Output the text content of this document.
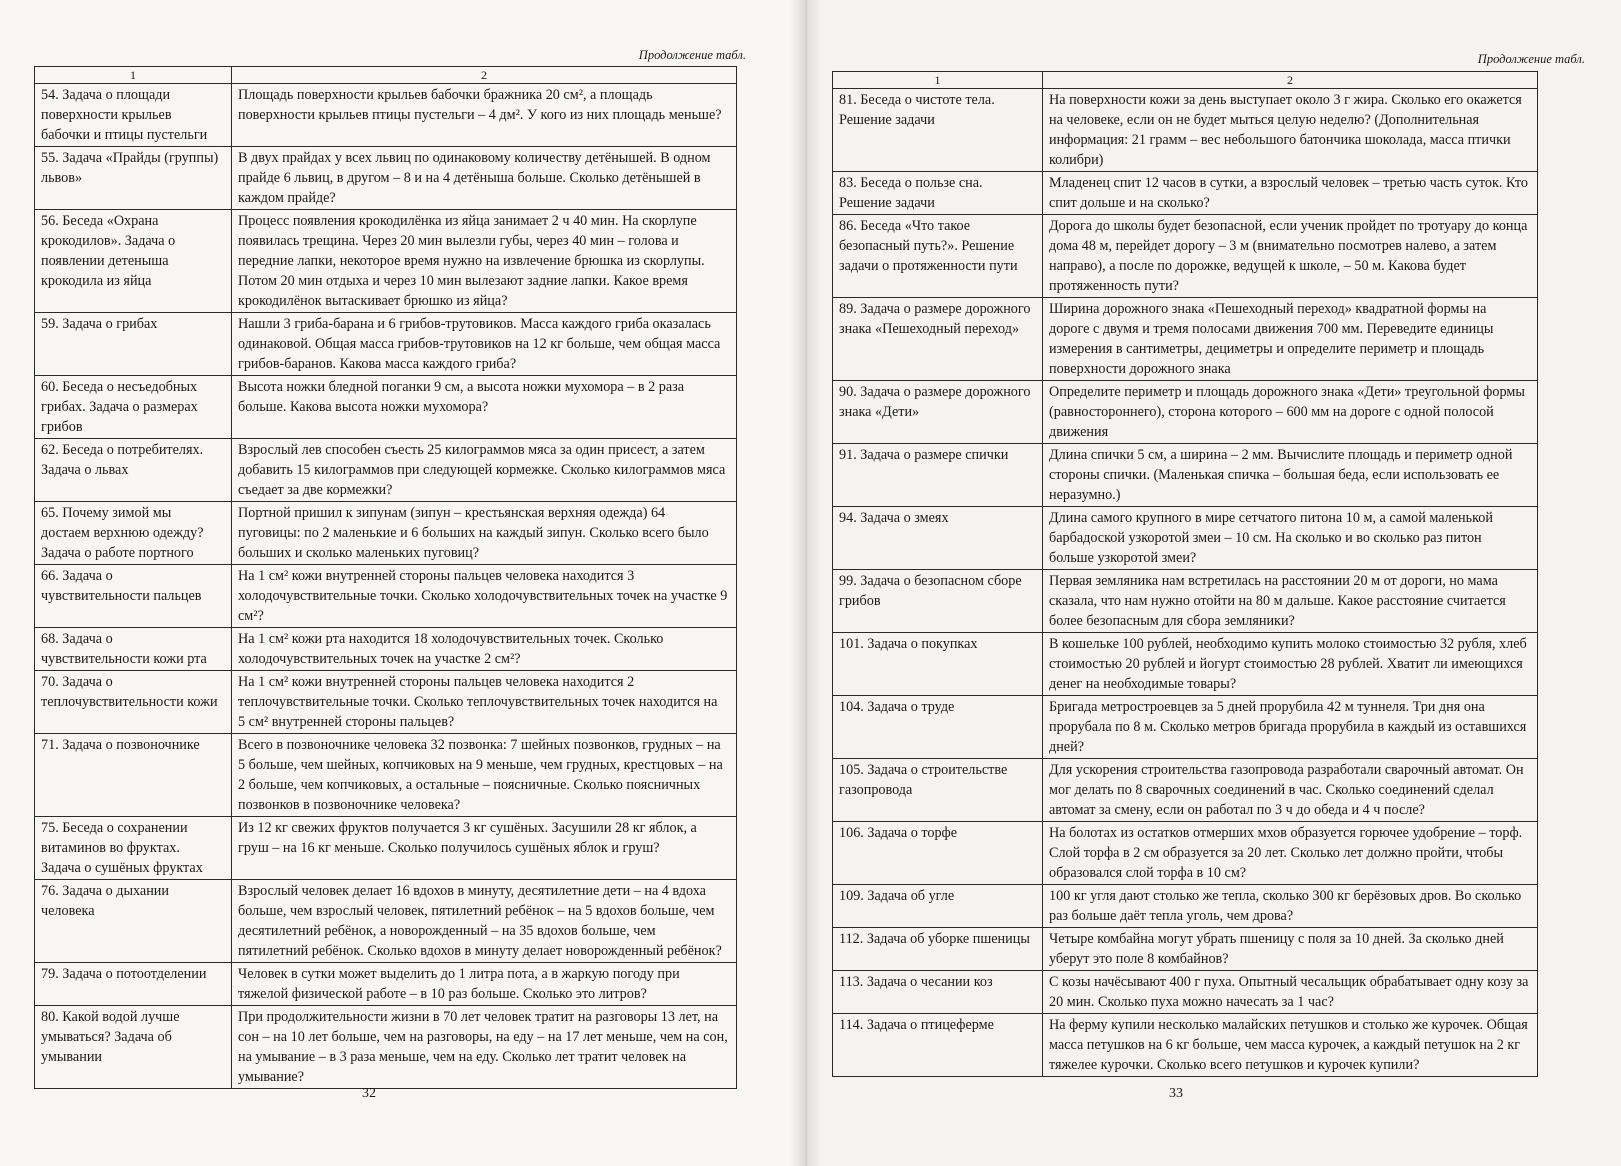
Продолжение табл.
1	2
54. Задача о площади поверхности крыльев бабочки и птицы пустельги	Площадь поверхности крыльев бабочки бражника 20 см², а площадь поверхности крыльев птицы пустельги – 4 дм². У кого из них площадь меньше?
55. Задача «Прайды (группы) львов»	В двух прайдах у всех львиц по одинаковому количеству детёнышей. В одном прайде 6 львиц, в другом – 8 и на 4 детёныша больше. Сколько детёнышей в каждом прайде?
56. Беседа «Охрана крокодилов». Задача о появлении детеныша крокодила из яйца	Процесс появления крокодилёнка из яйца занимает 2 ч 40 мин. На скорлупе появилась трещина. Через 20 мин вылезли губы, через 40 мин – голова и передние лапки, некоторое время нужно на извлечение брюшка из скорлупы. Потом 20 мин отдыха и через 10 мин вылезают задние лапки. Какое время крокодилёнок вытаскивает брюшко из яйца?
59. Задача о грибах	Нашли 3 гриба-барана и 6 грибов-трутовиков. Масса каждого гриба оказалась одинаковой. Общая масса грибов-трутовиков на 12 кг больше, чем общая масса грибов-баранов. Какова масса каждого гриба?
60. Беседа о несъедобных грибах. Задача о размерах грибов	Высота ножки бледной поганки 9 см, а высота ножки мухомора – в 2 раза больше. Какова высота ножки мухомора?
62. Беседа о потребителях. Задача о львах	Взрослый лев способен съесть 25 килограммов мяса за один присест, а затем добавить 15 килограммов при следующей кормежке. Сколько килограммов мяса съедает за две кормежки?
65. Почему зимой мы достаем верхнюю одежду? Задача о работе портного	Портной пришил к зипунам (зипун – крестьянская верхняя одежда) 64 пуговицы: по 2 маленькие и 6 больших на каждый зипун. Сколько всего было больших и сколько маленьких пуговиц?
66. Задача о чувствительности пальцев	На 1 см² кожи внутренней стороны пальцев человека находится 3 холодочувствительные точки. Сколько холодочувствительных точек на участке 9 см²?
68. Задача о чувствительности кожи рта	На 1 см² кожи рта находится 18 холодочувствительных точек. Сколько холодочувствительных точек на участке 2 см²?
70. Задача о теплочувствительности кожи	На 1 см² кожи внутренней стороны пальцев человека находится 2 теплочувствительные точки. Сколько теплочувствительных точек находится на 5 см² внутренней стороны пальцев?
71. Задача о позвоночнике	Всего в позвоночнике человека 32 позвонка: 7 шейных позвонков, грудных – на 5 больше, чем шейных, копчиковых на 9 меньше, чем грудных, крестцовых – на 2 больше, чем копчиковых, а остальные – поясничные. Сколько поясничных позвонков в позвоночнике человека?
75. Беседа о сохранении витаминов во фруктах. Задача о сушёных фруктах	Из 12 кг свежих фруктов получается 3 кг сушёных. Засушили 28 кг яблок, а груш – на 16 кг меньше. Сколько получилось сушёных яблок и груш?
76. Задача о дыхании человека	Взрослый человек делает 16 вдохов в минуту, десятилетние дети – на 4 вдоха больше, чем взрослый человек, пятилетний ребёнок – на 5 вдохов больше, чем десятилетний ребёнок, а новорожденный – на 35 вдохов больше, чем пятилетний ребёнок. Сколько вдохов в минуту делает новорожденный ребёнок?
79. Задача о потоотделении	Человек в сутки может выделить до 1 литра пота, а в жаркую погоду при тяжелой физической работе – в 10 раз больше. Сколько это литров?
80. Какой водой лучше умываться? Задача об умывании	При продолжительности жизни в 70 лет человек тратит на разговоры 13 лет, на сон – на 10 лет больше, чем на разговоры, на еду – на 17 лет меньше, чем на сон, на умывание – в 3 раза меньше, чем на еду. Сколько лет тратит человек на умывание?
32
Продолжение табл.
1	2
81. Беседа о чистоте тела. Решение задачи	На поверхности кожи за день выступает около 3 г жира. Сколько его окажется на человеке, если он не будет мыться целую неделю? (Дополнительная информация: 21 грамм – вес небольшого батончика шоколада, масса птички колибри)
83. Беседа о пользе сна. Решение задачи	Младенец спит 12 часов в сутки, а взрослый человек – третью часть суток. Кто спит дольше и на сколько?
86. Беседа «Что такое безопасный путь?». Решение задачи о протяженности пути	Дорога до школы будет безопасной, если ученик пройдет по тротуару до конца дома 48 м, перейдет дорогу – 3 м (внимательно посмотрев налево, а затем направо), а после по дорожке, ведущей к школе, – 50 м. Какова будет протяженность пути?
89. Задача о размере дорожного знака «Пешеходный переход»	Ширина дорожного знака «Пешеходный переход» квадратной формы на дороге с двумя и тремя полосами движения 700 мм. Переведите единицы измерения в сантиметры, дециметры и определите периметр и площадь поверхности дорожного знака
90. Задача о размере дорожного знака «Дети»	Определите периметр и площадь дорожного знака «Дети» треугольной формы (равностороннего), сторона которого – 600 мм на дороге с одной полосой движения
91. Задача о размере спички	Длина спички 5 см, а ширина – 2 мм. Вычислите площадь и периметр одной стороны спички. (Маленькая спичка – большая беда, если использовать ее неразумно.)
94. Задача о змеях	Длина самого крупного в мире сетчатого питона 10 м, а самой маленькой барбадоской узкоротой змеи – 10 см. На сколько и во сколько раз питон больше узкоротой змеи?
99. Задача о безопасном сборе грибов	Первая земляника нам встретилась на расстоянии 20 м от дороги, но мама сказала, что нам нужно отойти на 80 м дальше. Какое расстояние считается более безопасным для сбора земляники?
101. Задача о покупках	В кошельке 100 рублей, необходимо купить молоко стоимостью 32 рубля, хлеб стоимостью 20 рублей и йогурт стоимостью 28 рублей. Хватит ли имеющихся денег на необходимые товары?
104. Задача о труде	Бригада метростроевцев за 5 дней прорубила 42 м туннеля. Три дня она прорубала по 8 м. Сколько метров бригада прорубила в каждый из оставшихся дней?
105. Задача о строительстве газопровода	Для ускорения строительства газопровода разработали сварочный автомат. Он мог делать по 8 сварочных соединений в час. Сколько соединений сделал автомат за смену, если он работал по 3 ч до обеда и 4 ч после?
106. Задача о торфе	На болотах из остатков отмерших мхов образуется горючее удобрение – торф. Слой торфа в 2 см образуется за 20 лет. Сколько лет должно пройти, чтобы образовался слой торфа в 10 см?
109. Задача об угле	100 кг угля дают столько же тепла, сколько 300 кг берёзовых дров. Во сколько раз больше даёт тепла уголь, чем дрова?
112. Задача об уборке пшеницы	Четыре комбайна могут убрать пшеницу с поля за 10 дней. За сколько дней уберут это поле 8 комбайнов?
113. Задача о чесании коз	С козы начёсывают 400 г пуха. Опытный чесальщик обрабатывает одну козу за 20 мин. Сколько пуха можно начесать за 1 час?
114. Задача о птицеферме	На ферму купили несколько малайских петушков и столько же курочек. Общая масса петушков на 6 кг больше, чем масса курочек, а каждый петушок на 2 кг тяжелее курочки. Сколько всего петушков и курочек купили?
33
